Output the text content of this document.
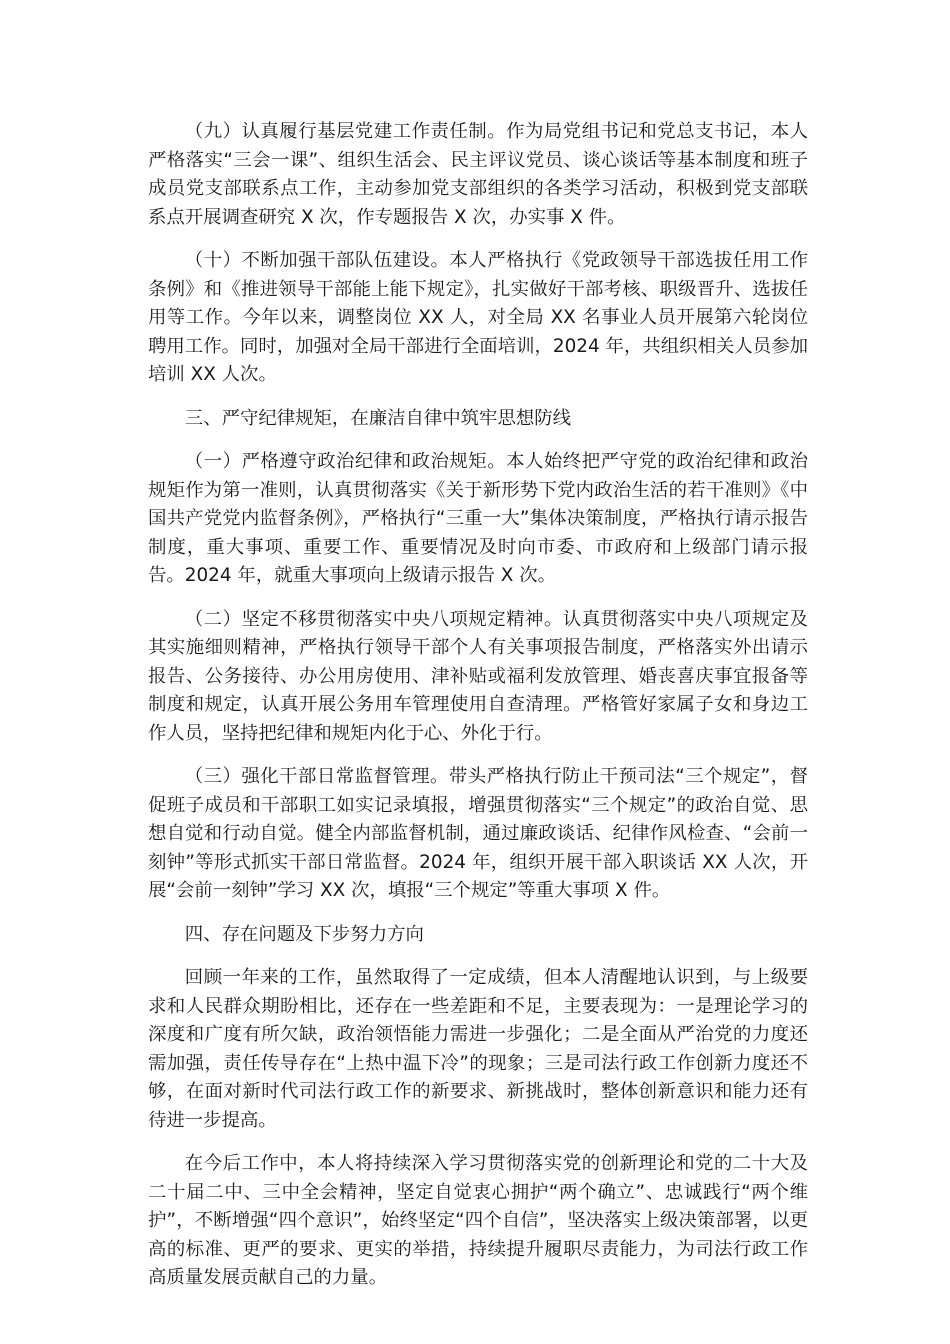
（九）认真履行基层党建工作责任制。作为局党组书记和党总支书记，本人严格落实“三会一课”、组织生活会、民主评议党员、谈心谈话等基本制度和班子成员党支部联系点工作，主动参加党支部组织的各类学习活动，积极到党支部联系点开展调查研究 X 次，作专题报告 X 次，办实事 X 件。

（十）不断加强干部队伍建设。本人严格执行《党政领导干部选拔任用工作条例》和《推进领导干部能上能下规定》，扎实做好干部考核、职级晋升、选拔任用等工作。今年以来，调整岗位 XX 人，对全局 XX 名事业人员开展第六轮岗位聘用工作。同时，加强对全局干部进行全面培训，2024 年，共组织相关人员参加培训 XX 人次。

三、严守纪律规矩，在廉洁自律中筑牢思想防线

（一）严格遵守政治纪律和政治规矩。本人始终把严守党的政治纪律和政治规矩作为第一准则，认真贯彻落实《关于新形势下党内政治生活的若干准则》《中国共产党党内监督条例》，严格执行“三重一大”集体决策制度，严格执行请示报告制度，重大事项、重要工作、重要情况及时向市委、市政府和上级部门请示报告。2024 年，就重大事项向上级请示报告 X 次。

（二）坚定不移贯彻落实中央八项规定精神。认真贯彻落实中央八项规定及其实施细则精神，严格执行领导干部个人有关事项报告制度，严格落实外出请示报告、公务接待、办公用房使用、津补贴或福利发放管理、婚丧喜庆事宜报备等制度和规定，认真开展公务用车管理使用自查清理。严格管好家属子女和身边工作人员，坚持把纪律和规矩内化于心、外化于行。

（三）强化干部日常监督管理。带头严格执行防止干预司法“三个规定”，督促班子成员和干部职工如实记录填报，增强贯彻落实“三个规定”的政治自觉、思想自觉和行动自觉。健全内部监督机制，通过廉政谈话、纪律作风检查、“会前一刻钟”等形式抓实干部日常监督。2024 年，组织开展干部入职谈话 XX 人次，开展“会前一刻钟”学习 XX 次，填报“三个规定”等重大事项 X 件。

四、存在问题及下步努力方向

回顾一年来的工作，虽然取得了一定成绩，但本人清醒地认识到，与上级要求和人民群众期盼相比，还存在一些差距和不足，主要表现为：一是理论学习的深度和广度有所欠缺，政治领悟能力需进一步强化；二是全面从严治党的力度还需加强，责任传导存在“上热中温下冷”的现象；三是司法行政工作创新力度还不够，在面对新时代司法行政工作的新要求、新挑战时，整体创新意识和能力还有待进一步提高。

在今后工作中，本人将持续深入学习贯彻落实党的创新理论和党的二十大及二十届二中、三中全会精神，坚定自觉衷心拥护“两个确立”、忠诚践行“两个维护”，不断增强“四个意识”，始终坚定“四个自信”，坚决落实上级决策部署，以更高的标准、更严的要求、更实的举措，持续提升履职尽责能力，为司法行政工作高质量发展贡献自己的力量。
